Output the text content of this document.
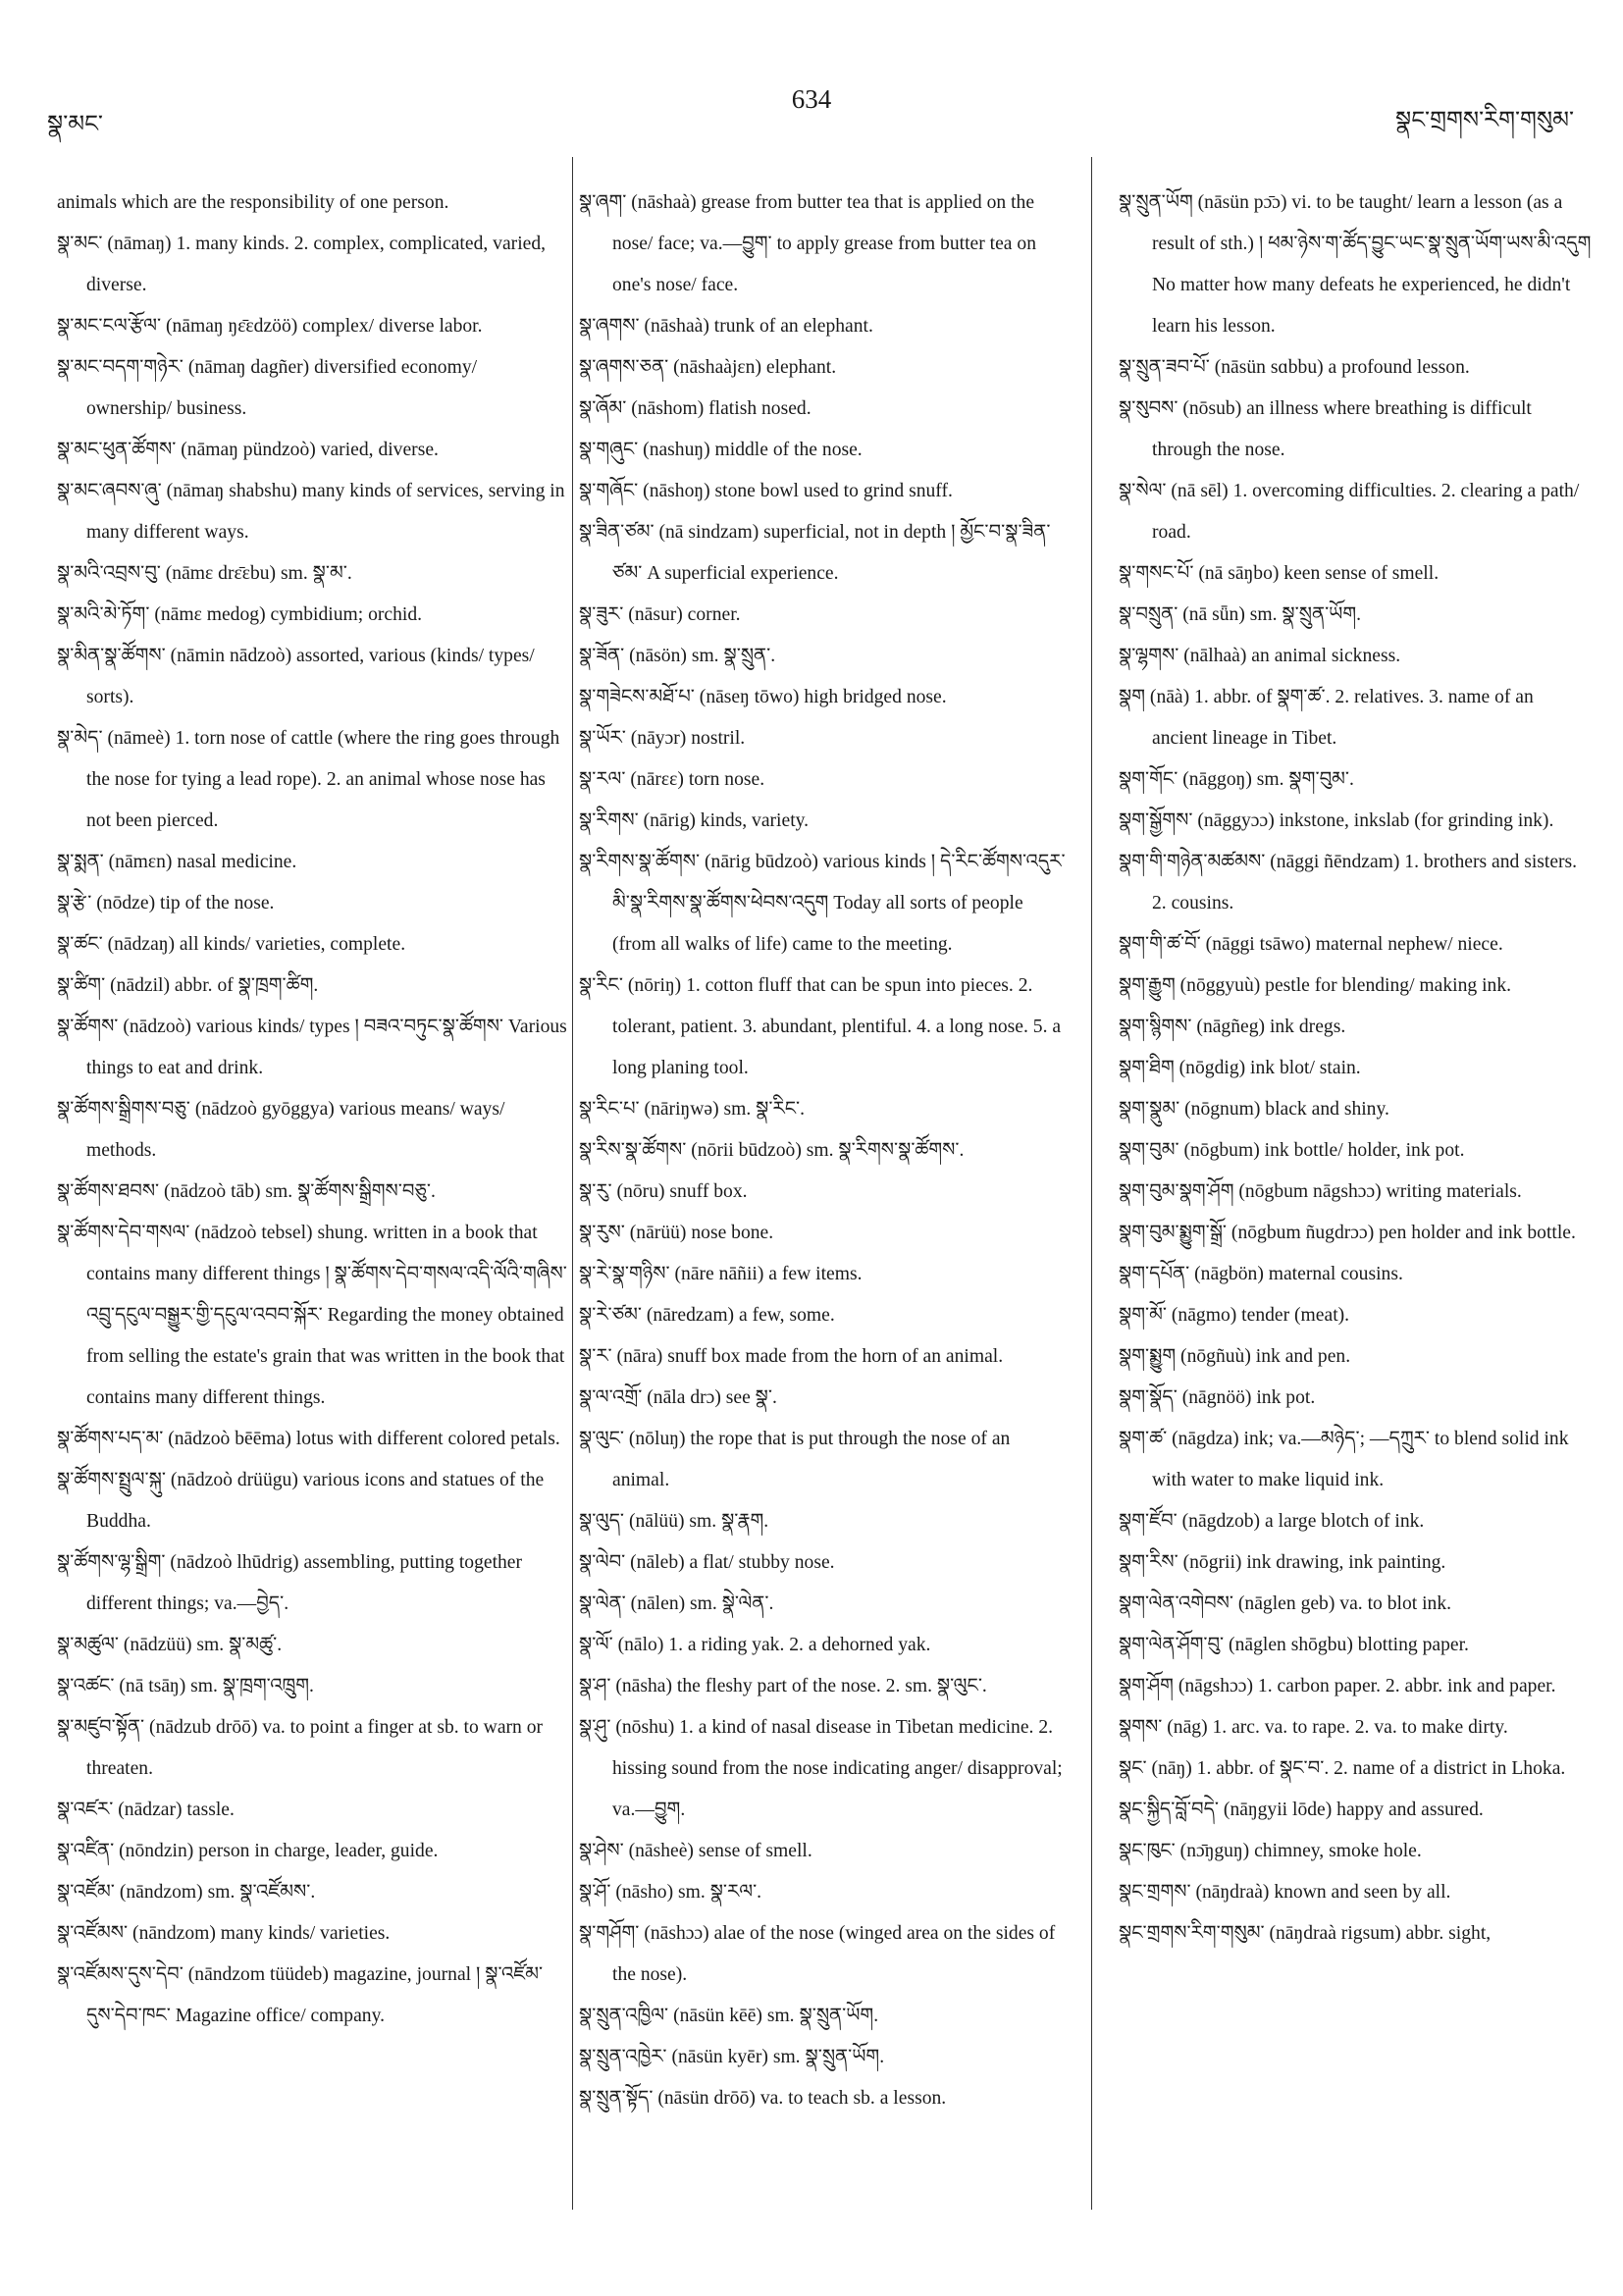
སྣ་མང་
634
སྣང་གྲགས་རིག་གསུམ་
animals which are the responsibility of one person.
སྣ་མང་ (nāmaŋ) 1. many kinds. 2. complex, complicated, varied, diverse.
སྣ་མང་ངལ་རྩོལ་ (nāmaŋ ŋɛ̄ɛdzöö) complex/ diverse labor.
སྣ་མང་བདག་གཉེར་ (nāmaŋ dagñer) diversified economy/ ownership/ business.
སྣ་མང་ཕུན་ཚོགས་ (nāmaŋ pündzoò) varied, diverse.
སྣ་མང་ཞབས་ཞུ་ (nāmaŋ shabshu) many kinds of services, serving in many different ways.
སྣ་མའི་འབྲས་བུ་ (nāmɛ drɛ̄ɛbu) sm. སྣ་མ་.
སྣ་མའི་མེ་ཏོག་ (nāmɛ medog) cymbidium; orchid.
སྣ་མིན་སྣ་ཚོགས་ (nāmin nādzoò) assorted, various (kinds/ types/ sorts).
སྣ་མེད་ (nāmeè) 1. torn nose of cattle (where the ring goes through the nose for tying a lead rope). 2. an animal whose nose has not been pierced.
སྣ་སྨན་ (nāmɛn) nasal medicine.
སྣ་རྩེ་ (nōdze) tip of the nose.
སྣ་ཚང་ (nādzaŋ) all kinds/ varieties, complete.
སྣ་ཚིག་ (nādzil) abbr. of སྣ་ཁྲག་ཚིག.
སྣ་ཚོགས་ (nādzoò) various kinds/ types ། བཟའ་བཏུང་སྣ་ཚོགས་ Various things to eat and drink.
སྣ་ཚོགས་སྒྲིགས་བཅུ་ (nādzoò gyōggya) various means/ ways/ methods.
སྣ་ཚོགས་ཐབས་ (nādzoò tāb) sm. སྣ་ཚོགས་སྒྲིགས་བཅུ་.
སྣ་ཚོགས་དེབ་གསལ་ (nādzoò tebsel) shung. written in a book that contains many different things ། སྣ་ཚོགས་དེབ་གསལ་འདི་ལོའི་གཞིས་འབྲུ་དངུལ་བསྒྱུར་གྱི་དངུལ་འབབ་སྐོར་ Regarding the money obtained from selling the estate's grain that was written in the book that contains many different things.
སྣ་ཚོགས་པད་མ་ (nādzoò bēēma) lotus with different colored petals.
སྣ་ཚོགས་སྤྲུལ་སྐུ་ (nādzoò drüügu) various icons and statues of the Buddha.
སྣ་ཚོགས་ལྷ་སྒྲིག་ (nādzoò lhūdrig) assembling, putting together different things; va.—བྱེད་.
སྣ་མཚུལ་ (nādzüü) sm. སྣ་མཚུ་.
སྣ་འཚང་ (nā tsāŋ) sm. སྣ་ཁྲག་འཁྲུག.
སྣ་མཛུབ་སྟོན་ (nādzub drōō) va. to point a finger at sb. to warn or threaten.
སྣ་འཛར་ (nādzar) tassle.
སྣ་འཛིན་ (nōndzin) person in charge, leader, guide.
སྣ་འཛོམ་ (nāndzom) sm. སྣ་འཛོམས་.
སྣ་འཛོམས་ (nāndzom) many kinds/ varieties.
སྣ་འཛོམས་དུས་དེབ་ (nāndzom tüüdeb) magazine, journal ། སྣ་འཛོམ་དུས་དེབ་ཁང་ Magazine office/ company.
སྣ་ཞག་ (nāshaà) grease from butter tea that is applied on the nose/ face; va.—བྱུག་ to apply grease from butter tea on one's nose/ face.
སྣ་ཞགས་ (nāshaà) trunk of an elephant.
སྣ་ཞགས་ཅན་ (nāshaàjɛn) elephant.
སྣ་ཞོམ་ (nāshom) flatish nosed.
སྣ་གཞུང་ (nashuŋ) middle of the nose.
སྣ་གཞོང་ (nāshoŋ) stone bowl used to grind snuff.
སྣ་ཟིན་ཙམ་ (nā sindzam) superficial, not in depth ། མྱོང་བ་སྣ་ཟིན་ཙམ་ A superficial experience.
སྣ་ཟུར་ (nāsur) corner.
སྣ་ཟོན་ (nāsön) sm. སྣ་སྲུན་.
སྣ་གཟེངས་མཐོ་པ་ (nāseŋ tōwo) high bridged nose.
སྣ་ཡོར་ (nāyɔr) nostril.
སྣ་རལ་ (nārɛɛ) torn nose.
སྣ་རིགས་ (nārig) kinds, variety.
སྣ་རིགས་སྣ་ཚོགས་ (nārig būdzoò) various kinds ། དེ་རིང་ཚོགས་འདུར་མི་སྣ་རིགས་སྣ་ཚོགས་ཕེབས་འདུག Today all sorts of people (from all walks of life) came to the meeting.
སྣ་རིང་ (nōriŋ) 1. cotton fluff that can be spun into pieces. 2. tolerant, patient. 3. abundant, plentiful. 4. a long nose. 5. a long planing tool.
སྣ་རིང་པ་ (nāriŋwə) sm. སྣ་རིང་.
སྣ་རིས་སྣ་ཚོགས་ (nōrii būdzoò) sm. སྣ་རིགས་སྣ་ཚོགས་.
སྣ་རུ་ (nōru) snuff box.
སྣ་རུས་ (nārüü) nose bone.
སྣ་རེ་སྣ་གཉིས་ (nāre nāñii) a few items.
སྣ་རེ་ཙམ་ (nāredzam) a few, some.
སྣ་ར་ (nāra) snuff box made from the horn of an animal.
སྣ་ལ་འགྲོ་ (nāla drɔ) see སྣ་.
སྣ་ལུང་ (nōluŋ) the rope that is put through the nose of an animal.
སྣ་ལུད་ (nālüü) sm. སྣ་རྣག.
སྣ་ལེབ་ (nāleb) a flat/ stubby nose.
སྣ་ལེན་ (nālen) sm. སྣེ་ལེན་.
སྣ་ལོ་ (nālo) 1. a riding yak. 2. a dehorned yak.
སྣ་ཤ་ (nāsha) the fleshy part of the nose. 2. sm. སྣ་ལུང་.
སྣ་ཤུ་ (nōshu) 1. a kind of nasal disease in Tibetan medicine. 2. hissing sound from the nose indicating anger/ disapproval; va.—བྱུག.
སྣ་ཤེས་ (nāsheè) sense of smell.
སྣ་ཤོ་ (nāsho) sm. སྣ་རལ་.
སྣ་གཤོག་ (nāshɔɔ) alae of the nose (winged area on the sides of the nose).
སྣ་སྲུན་འཁྱིལ་ (nāsün kēē) sm. སྣ་སྲུན་ཡོག.
སྣ་སྲུན་འཁྱེར་ (nāsün kyēr) sm. སྣ་སྲུན་ཡོག.
སྣ་སྲུན་སྟོད་ (nāsün drōō) va. to teach sb. a lesson.
སྣ་སྲུན་ཡོག (nāsün pɔ̄ɔ) vi. to be taught/ learn a lesson (as a result of sth.) ། ཕམ་ཉེས་ག་ཚོད་བྱུང་ཡང་སྣ་སྲུན་ཡོག་ཡས་མི་འདུག No matter how many defeats he experienced, he didn't learn his lesson.
སྣ་སྲུན་ཟབ་པོ་ (nāsün sɑbbu) a profound lesson.
སྣ་སུབས་ (nōsub) an illness where breathing is difficult through the nose.
སྣ་སེལ་ (nā sēl) 1. overcoming difficulties. 2. clearing a path/ road.
སྣ་གསང་པོ་ (nā sāŋbo) keen sense of smell.
སྣ་བསྲུན་ (nā sǖn) sm. སྣ་སྲུན་ཡོག.
སྣ་ལྷགས་ (nālhaà) an animal sickness.
སྣག (nāà) 1. abbr. of སྣག་ཚ་. 2. relatives. 3. name of an ancient lineage in Tibet.
སྣག་གོང་ (nāggoŋ) sm. སྣག་བུམ་.
སྣག་སྒྱོགས་ (nāggyɔɔ) inkstone, inkslab (for grinding ink).
སྣག་གི་གཉེན་མཚམས་ (nāggi ñēndzam) 1. brothers and sisters. 2. cousins.
སྣག་གི་ཚ་བོ་ (nāggi tsāwo) maternal nephew/ niece.
སྣག་རྒྱུག (nōggyuù) pestle for blending/ making ink.
སྣག་སྙིགས་ (nāgñeg) ink dregs.
སྣག་ཐིག (nōgdig) ink blot/ stain.
སྣག་སྣུམ་ (nōgnum) black and shiny.
སྣག་བུམ་ (nōgbum) ink bottle/ holder, ink pot.
སྣག་བུམ་སྣག་ཤོག (nōgbum nāgshɔɔ) writing materials.
སྣག་བུམ་སྨྱུག་སྒྲོ་ (nōgbum ñugdrɔɔ) pen holder and ink bottle.
སྣག་དཔོན་ (nāgbön) maternal cousins.
སྣག་མོ་ (nāgmo) tender (meat).
སྣག་སྨྱུག (nōgñuù) ink and pen.
སྣག་སྣོད་ (nāgnöö) ink pot.
སྣག་ཚ་ (nāgdza) ink; va.—མཉེད་; —དཀྲུར་ to blend solid ink with water to make liquid ink.
སྣག་ཛོབ་ (nāgdzob) a large blotch of ink.
སྣག་རིས་ (nōgrii) ink drawing, ink painting.
སྣག་ལེན་འགེབས་ (nāglen geb) va. to blot ink.
སྣག་ལེན་ཤོག་བུ་ (nāglen shōgbu) blotting paper.
སྣག་ཤོག (nāgshɔɔ) 1. carbon paper. 2. abbr. ink and paper.
སྣགས་ (nāg) 1. arc. va. to rape. 2. va. to make dirty.
སྣང་ (nāŋ) 1. abbr. of སྣང་བ་. 2. name of a district in Lhoka.
སྣང་སྐྱིད་བློ་བདེ་ (nāŋgyii lōde) happy and assured.
སྣང་ཁུང་ (nɔ̄ŋguŋ) chimney, smoke hole.
སྣང་གྲགས་ (nāŋdraà) known and seen by all.
སྣང་གྲགས་རིག་གསུམ་ (nāŋdraà rigsum) abbr. sight,
